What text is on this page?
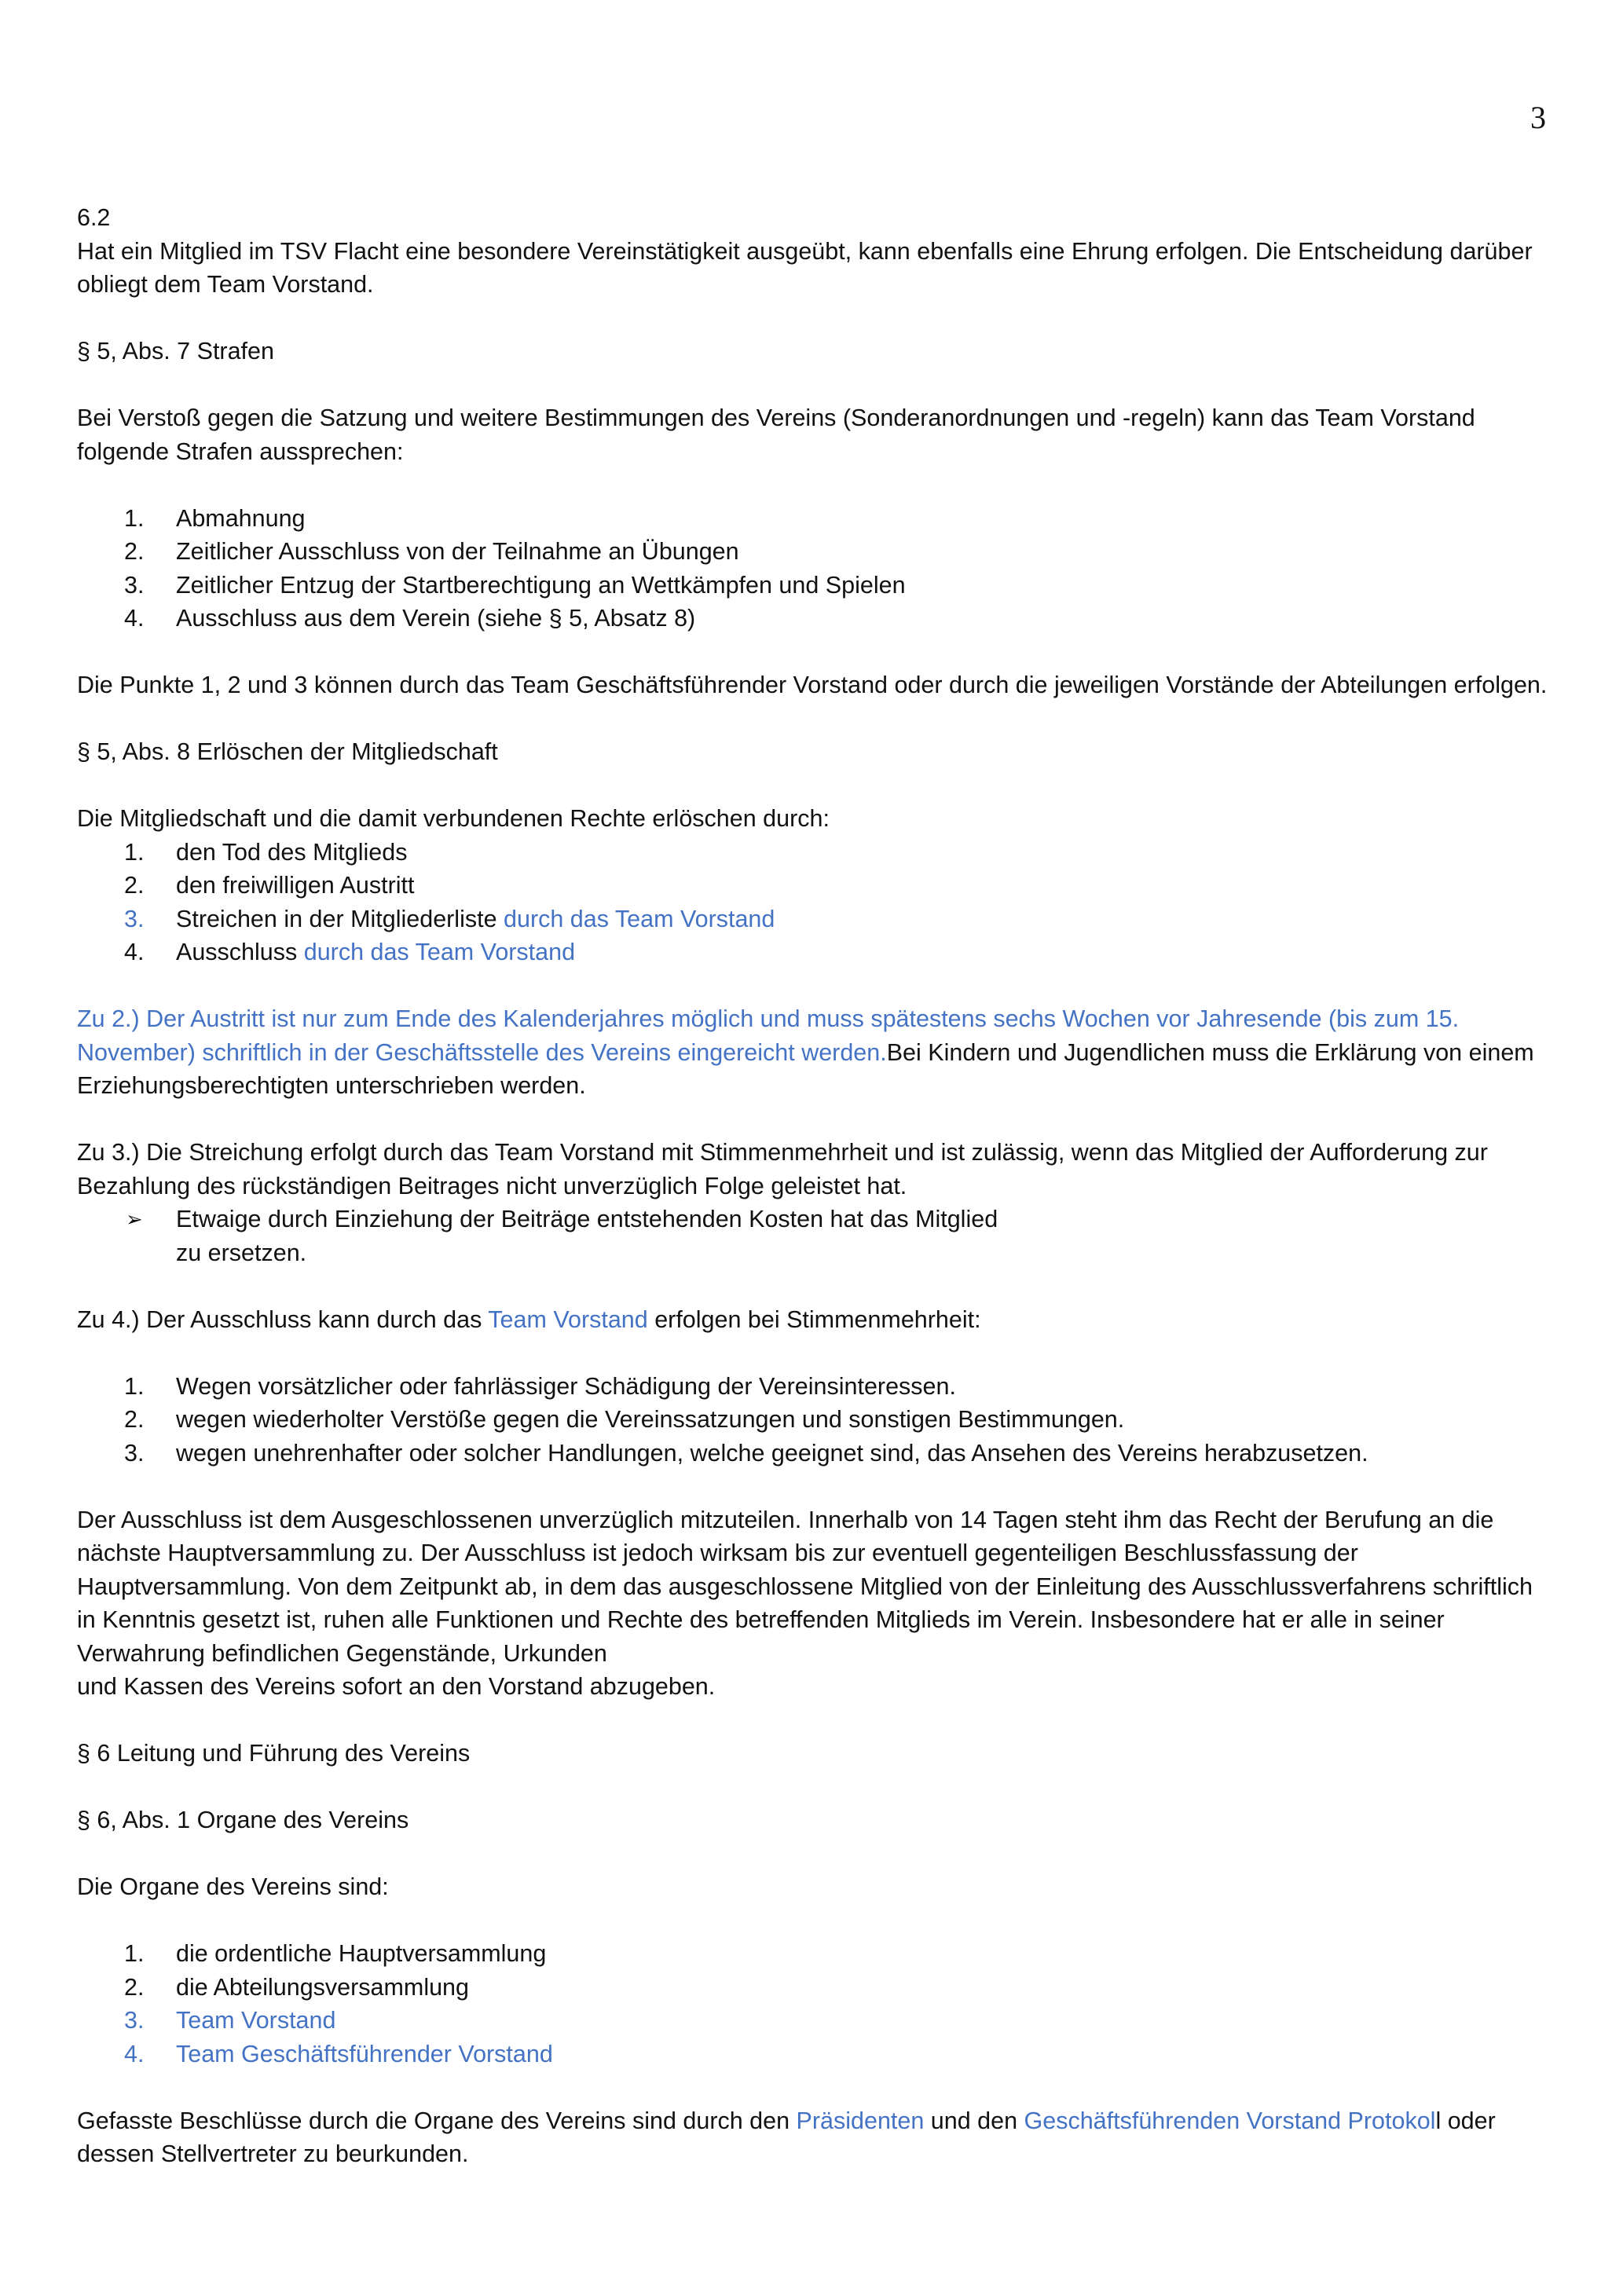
3

6.2

Hat ein Mitglied im TSV Flacht eine besondere Vereinstätigkeit ausgeübt, kann ebenfalls eine Ehrung erfolgen. Die Entscheidung darüber obliegt dem Team Vorstand.

§ 5, Abs. 7 Strafen

Bei Verstoß gegen die Satzung und weitere Bestimmungen des Vereins (Sonderanordnungen und -regeln) kann das Team Vorstand folgende Strafen aussprechen:

1. Abmahnung
2. Zeitlicher Ausschluss von der Teilnahme an Übungen
3. Zeitlicher Entzug der Startberechtigung an Wettkämpfen und Spielen
4. Ausschluss aus dem Verein (siehe § 5, Absatz 8)

Die Punkte 1, 2 und 3 können durch das Team Geschäftsführender Vorstand oder durch die jeweiligen Vorstände der Abteilungen erfolgen.

§ 5, Abs. 8 Erlöschen der Mitgliedschaft

Die Mitgliedschaft und die damit verbundenen Rechte erlöschen durch:

1. den Tod des Mitglieds
2. den freiwilligen Austritt
3. Streichen in der Mitgliederliste durch das Team Vorstand
4. Ausschluss durch das Team Vorstand

Zu 2.) Der Austritt ist nur zum Ende des Kalenderjahres möglich und muss spätestens sechs Wochen vor Jahresende (bis zum 15. November) schriftlich in der Geschäftsstelle des Vereins eingereicht werden.Bei Kindern und Jugendlichen muss die Erklärung von einem Erziehungsberechtigten unterschrieben werden.

Zu 3.) Die Streichung erfolgt durch das Team Vorstand mit Stimmenmehrheit und ist zulässig, wenn das Mitglied der Aufforderung zur Bezahlung des rückständigen Beitrages nicht unverzüglich Folge geleistet hat.

➢ Etwaige durch Einziehung der Beiträge entstehenden Kosten hat das Mitglied
zu ersetzen.

Zu 4.) Der Ausschluss kann durch das Team Vorstand erfolgen bei Stimmenmehrheit:

1. Wegen vorsätzlicher oder fahrlässiger Schädigung der Vereinsinteressen.
2. wegen wiederholter Verstöße gegen die Vereinssatzungen und sonstigen Bestimmungen.
3. wegen unehrenhafter oder solcher Handlungen, welche geeignet sind, das Ansehen des Vereins herabzusetzen.

Der Ausschluss ist dem Ausgeschlossenen unverzüglich mitzuteilen. Innerhalb von 14 Tagen steht ihm das Recht der Berufung an die nächste Hauptversammlung zu. Der Ausschluss ist jedoch wirksam bis zur eventuell gegenteiligen Beschlussfassung der Hauptversammlung. Von dem Zeitpunkt ab, in dem das ausgeschlossene Mitglied von der Einleitung des Ausschlussverfahrens schriftlich in Kenntnis gesetzt ist, ruhen alle Funktionen und Rechte des betreffenden Mitglieds im Verein. Insbesondere hat er alle in seiner Verwahrung befindlichen Gegenstände, Urkunden

und Kassen des Vereins sofort an den Vorstand abzugeben.

§ 6 Leitung und Führung des Vereins

§ 6, Abs. 1 Organe des Vereins

Die Organe des Vereins sind:

1. die ordentliche Hauptversammlung
2. die Abteilungsversammlung
3. Team Vorstand
4. Team Geschäftsführender Vorstand

Gefasste Beschlüsse durch die Organe des Vereins sind durch den Präsidenten und den Geschäftsführenden Vorstand Protokoll oder dessen Stellvertreter zu beurkunden.
